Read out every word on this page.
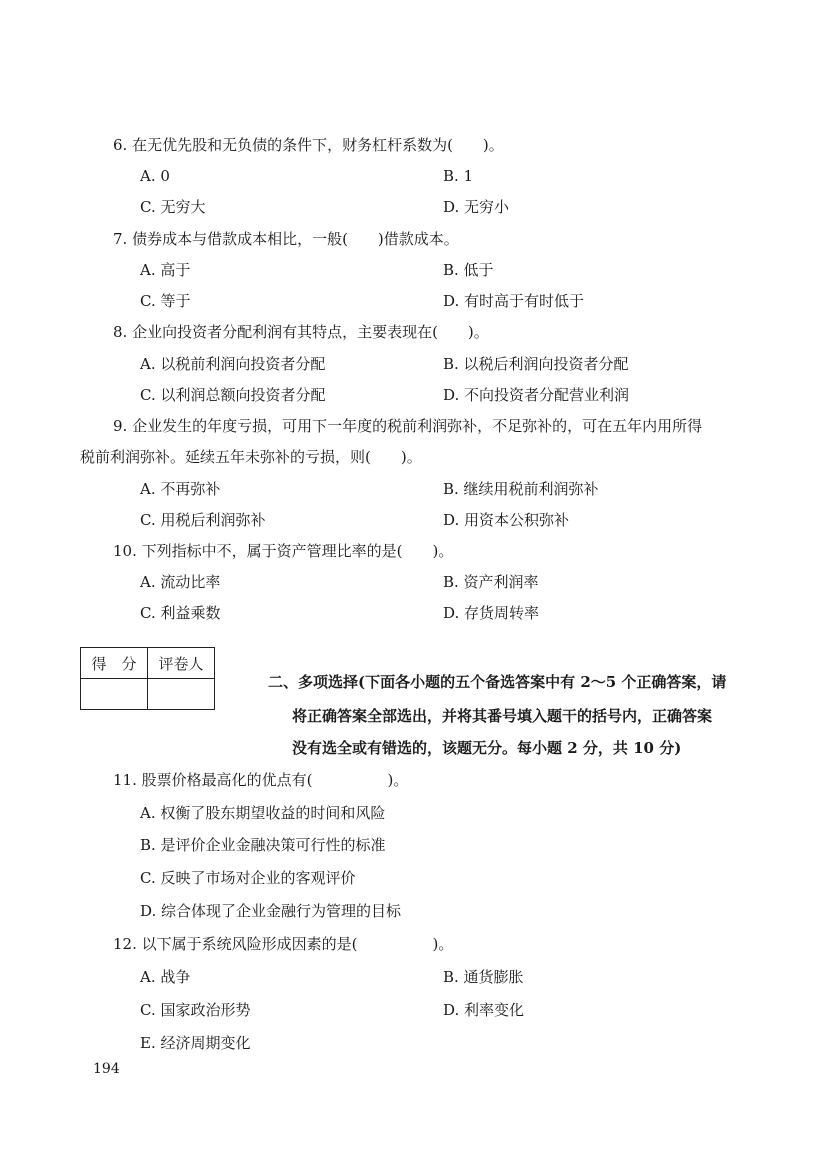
6. 在无优先股和无负债的条件下，财务杠杆系数为(　　)。
A. 0	B. 1
C. 无穷大	D. 无穷小
7. 债券成本与借款成本相比，一般(　　)借款成本。
A. 高于	B. 低于
C. 等于	D. 有时高于有时低于
8. 企业向投资者分配利润有其特点，主要表现在(　　)。
A. 以税前利润向投资者分配	B. 以税后利润向投资者分配
C. 以利润总额向投资者分配	D. 不向投资者分配营业利润
9. 企业发生的年度亏损，可用下一年度的税前利润弥补，不足弥补的，可在五年内用所得
税前利润弥补。延续五年未弥补的亏损，则(　　)。
A. 不再弥补	B. 继续用税前利润弥补
C. 用税后利润弥补	D. 用资本公积弥补
10. 下列指标中不，属于资产管理比率的是(　　)。
A. 流动比率	B. 资产利润率
C. 利益乘数	D. 存货周转率
得　分	评卷人

二、多项选择(下面各小题的五个备选答案中有 2～5 个正确答案，请
将正确答案全部选出，并将其番号填入题干的括号内，正确答案
没有选全或有错选的，该题无分。每小题 2 分，共 10 分)
11. 股票价格最高化的优点有(　　　　　)。
A. 权衡了股东期望收益的时间和风险
B. 是评价企业金融决策可行性的标准
C. 反映了市场对企业的客观评价
D. 综合体现了企业金融行为管理的目标
12. 以下属于系统风险形成因素的是(　　　　　)。
A. 战争	B. 通货膨胀
C. 国家政治形势	D. 利率变化
E. 经济周期变化
194
